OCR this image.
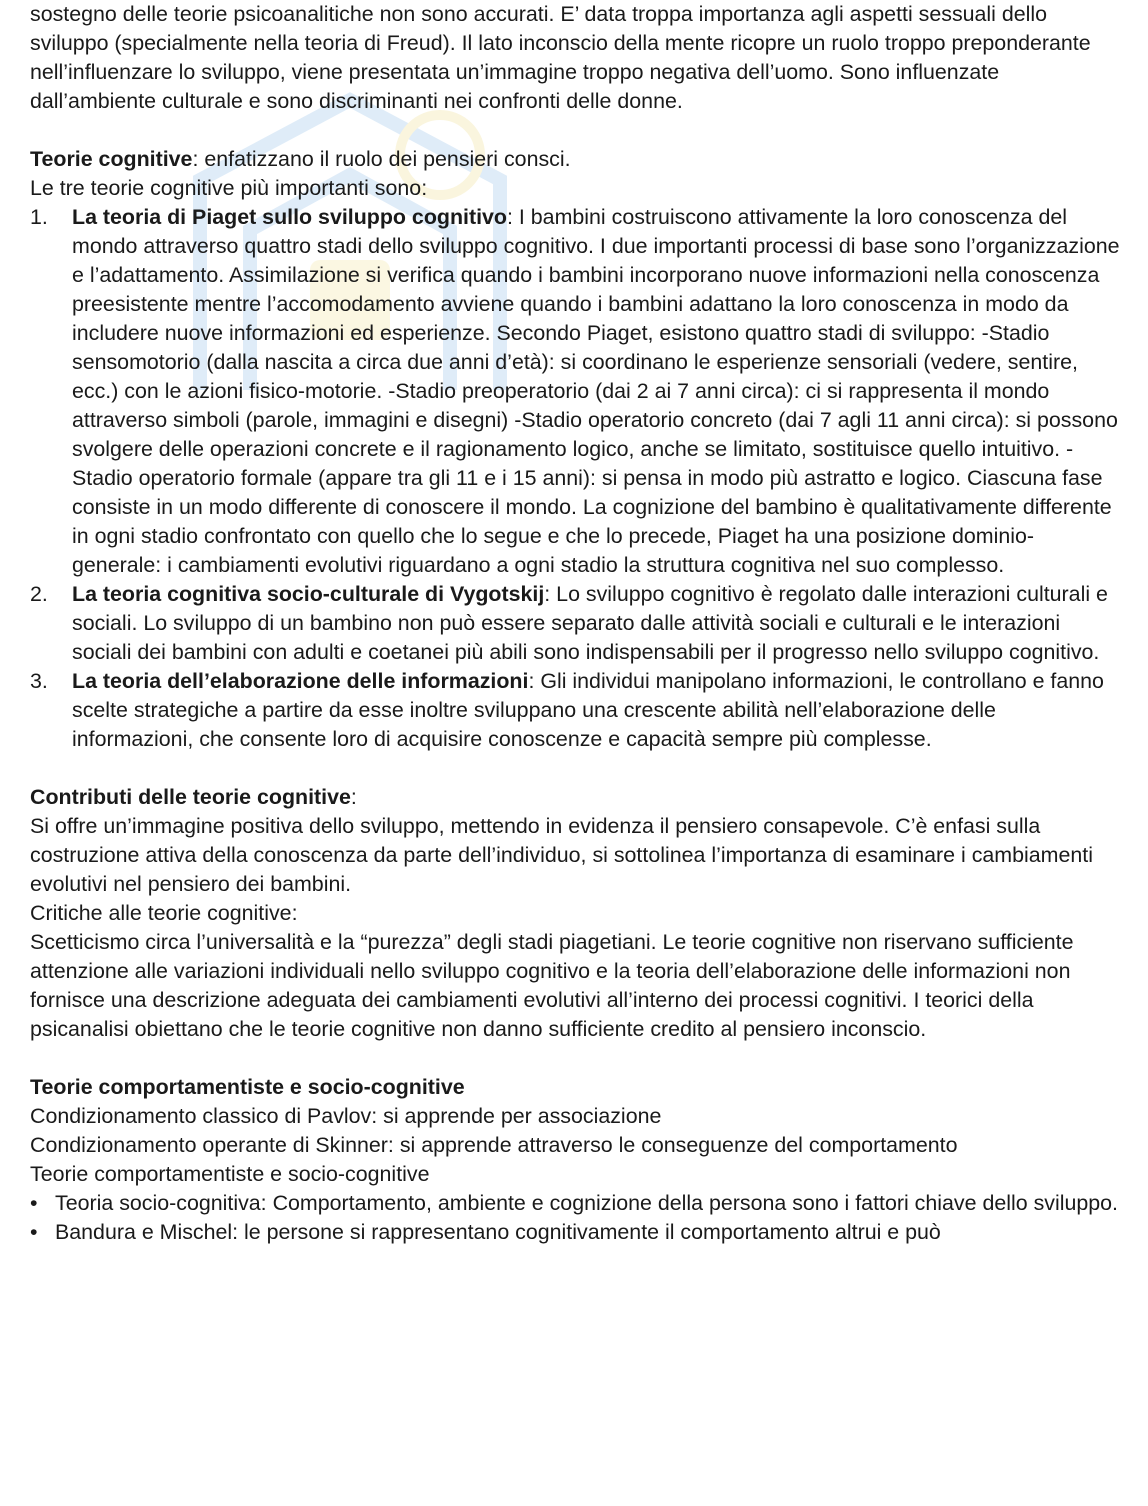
sostegno delle teorie psicoanalitiche non sono accurati. E’ data troppa importanza agli aspetti sessuali dello sviluppo (specialmente nella teoria di Freud). Il lato inconscio della mente ricopre un ruolo troppo preponderante nell’influenzare lo sviluppo, viene presentata un’immagine troppo negativa dell’uomo. Sono influenzate dall’ambiente culturale e sono discriminanti nei confronti delle donne.

Teorie cognitive: enfatizzano il ruolo dei pensieri consci.

Le tre teorie cognitive più importanti sono:

1. La teoria di Piaget sullo sviluppo cognitivo: I bambini costruiscono attivamente la loro conoscenza del mondo attraverso quattro stadi dello sviluppo cognitivo. I due importanti processi di base sono l’organizzazione e l’adattamento. Assimilazione si verifica quando i bambini incorporano nuove informazioni nella conoscenza preesistente mentre l’accomodamento avviene quando i bambini adattano la loro conoscenza in modo da includere nuove informazioni ed esperienze. Secondo Piaget, esistono quattro stadi di sviluppo: -Stadio sensomotorio (dalla nascita a circa due anni d’età): si coordinano le esperienze sensoriali (vedere, sentire, ecc.) con le azioni fisico-motorie. -Stadio preoperatorio (dai 2 ai 7 anni circa): ci si rappresenta il mondo attraverso simboli (parole, immagini e disegni) -Stadio operatorio concreto (dai 7 agli 11 anni circa): si possono svolgere delle operazioni concrete e il ragionamento logico, anche se limitato, sostituisce quello intuitivo. -Stadio operatorio formale (appare tra gli 11 e i 15 anni): si pensa in modo più astratto e logico. Ciascuna fase consiste in un modo differente di conoscere il mondo. La cognizione del bambino è qualitativamente differente in ogni stadio confrontato con quello che lo segue e che lo precede, Piaget ha una posizione dominio-generale: i cambiamenti evolutivi riguardano a ogni stadio la struttura cognitiva nel suo complesso.
2. La teoria cognitiva socio-culturale di Vygotskij: Lo sviluppo cognitivo è regolato dalle interazioni culturali e sociali. Lo sviluppo di un bambino non può essere separato dalle attività sociali e culturali e le interazioni sociali dei bambini con adulti e coetanei più abili sono indispensabili per il progresso nello sviluppo cognitivo.
3. La teoria dell’elaborazione delle informazioni: Gli individui manipolano informazioni, le controllano e fanno scelte strategiche a partire da esse inoltre sviluppano una crescente abilità nell’elaborazione delle informazioni, che consente loro di acquisire conoscenze e capacità sempre più complesse.

Contributi delle teorie cognitive:

Si offre un’immagine positiva dello sviluppo, mettendo in evidenza il pensiero consapevole. C’è enfasi sulla costruzione attiva della conoscenza da parte dell’individuo, si sottolinea l’importanza di esaminare i cambiamenti evolutivi nel pensiero dei bambini.

Critiche alle teorie cognitive:

Scetticismo circa l’universalità e la “purezza” degli stadi piagetiani. Le teorie cognitive non riservano sufficiente attenzione alle variazioni individuali nello sviluppo cognitivo e la teoria dell’elaborazione delle informazioni non fornisce una descrizione adeguata dei cambiamenti evolutivi all’interno dei processi cognitivi. I teorici della psicanalisi obiettano che le teorie cognitive non danno sufficiente credito al pensiero inconscio.

Teorie comportamentiste e socio-cognitive

Condizionamento classico di Pavlov: si apprende per associazione

Condizionamento operante di Skinner: si apprende attraverso le conseguenze del comportamento

Teorie comportamentiste e socio-cognitive

• Teoria socio-cognitiva: Comportamento, ambiente e cognizione della persona sono i fattori chiave dello sviluppo.
• Bandura e Mischel: le persone si rappresentano cognitivamente il comportamento altrui e può
